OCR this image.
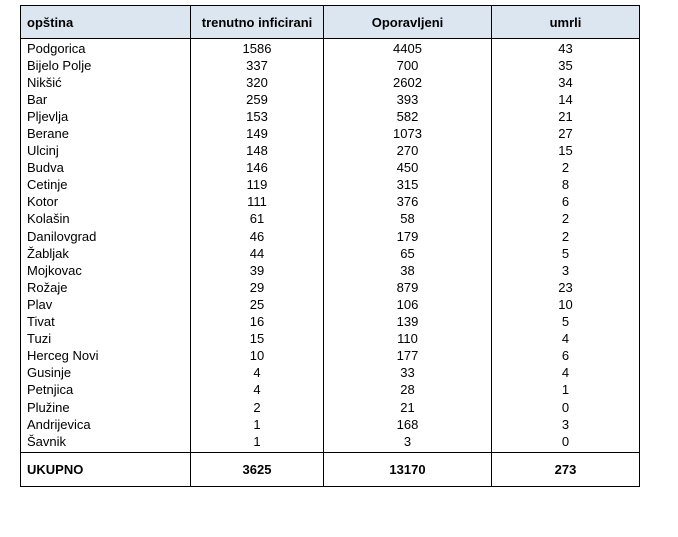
opština	trenutno inficirani	Oporavljeni	umrli
Podgorica	1586	4405	43
Bijelo Polje	337	700	35
Nikšić	320	2602	34
Bar	259	393	14
Pljevlja	153	582	21
Berane	149	1073	27
Ulcinj	148	270	15
Budva	146	450	2
Cetinje	119	315	8
Kotor	111	376	6
Kolašin	61	58	2
Danilovgrad	46	179	2
Žabljak	44	65	5
Mojkovac	39	38	3
Rožaje	29	879	23
Plav	25	106	10
Tivat	16	139	5
Tuzi	15	110	4
Herceg Novi	10	177	6
Gusinje	4	33	4
Petnjica	4	28	1
Plužine	2	21	0
Andrijevica	1	168	3
Šavnik	1	3	0
UKUPNO	3625	13170	273
